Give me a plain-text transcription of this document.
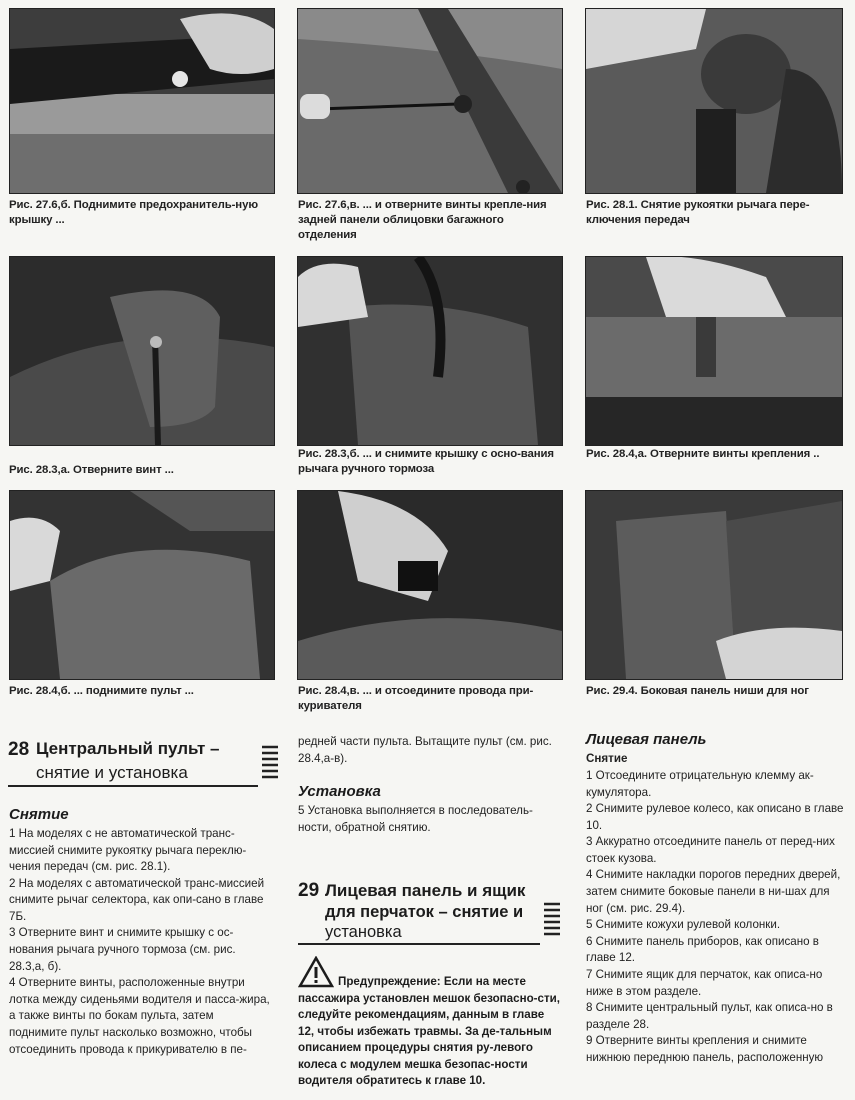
Рис. 27.6,б. Поднимите предохранитель-ную крышку ...
Рис. 27.6,в. ... и отверните винты крепле-ния задней панели облицовки багажного отделения
Рис. 28.1. Снятие рукоятки рычага пере-ключения передач
Рис. 28.3,а. Отверните винт ...
Рис. 28.3,б. ... и снимите крышку с осно-вания рычага ручного тормоза
Рис. 28.4,а. Отверните винты крепления ..
Рис. 28.4,б. ... поднимите пульт ...	Рис. 28.4,в. ... и отсоедините провода при-куривателя
Рис. 29.4. Боковая панель ниши для ног
28 Центральный пульт –
снятие и установка
Снятие

1 На моделях с не автоматической транс-миссией снимите рукоятку рычага переклю-чения передач (см. рис. 28.1).

2 На моделях с автоматической транс-миссией снимите рычаг селектора, как опи-сано в главе 7Б.

3 Отверните винт и снимите крышку с ос-нования рычага ручного тормоза (см. рис. 28.3,а, б).

4 Отверните винты, расположенные внутри лотка между сиденьями водителя и пасса-жира, а также винты по бокам пульта, затем поднимите пульт насколько возможно, чтобы отсоединить провода к прикуривателю в пе-

редней части пульта. Вытащите пульт (см. рис. 28.4,а-в).
Установка
5 Установка выполняется в последователь-ности, обратной снятию.
29 Лицевая панель и ящик
для перчаток – снятие и
установка
Предупреждение: Если на месте пассажира установлен мешок безопасно-сти, следуйте рекомендациям, данным в главе 12, чтобы избежать травмы. За де-тальным описанием процедуры снятия ру-левого колеса с модулем мешка безопас-ности водителя обратитесь к главе 10.
Лицевая панель
Снятие

1 Отсоедините отрицательную клемму ак-кумулятора.

2 Снимите рулевое колесо, как описано в главе 10.

3 Аккуратно отсоедините панель от перед-них стоек кузова.

4 Снимите накладки порогов передних дверей, затем снимите боковые панели в ни-шах для ног (см. рис. 29.4).

5 Снимите кожухи рулевой колонки.

6 Снимите панель приборов, как описано в главе 12.

7 Снимите ящик для перчаток, как описа-но ниже в этом разделе.

8 Снимите центральный пульт, как описа-но в разделе 28.

9 Отверните винты крепления и снимите нижнюю переднюю панель, расположенную
